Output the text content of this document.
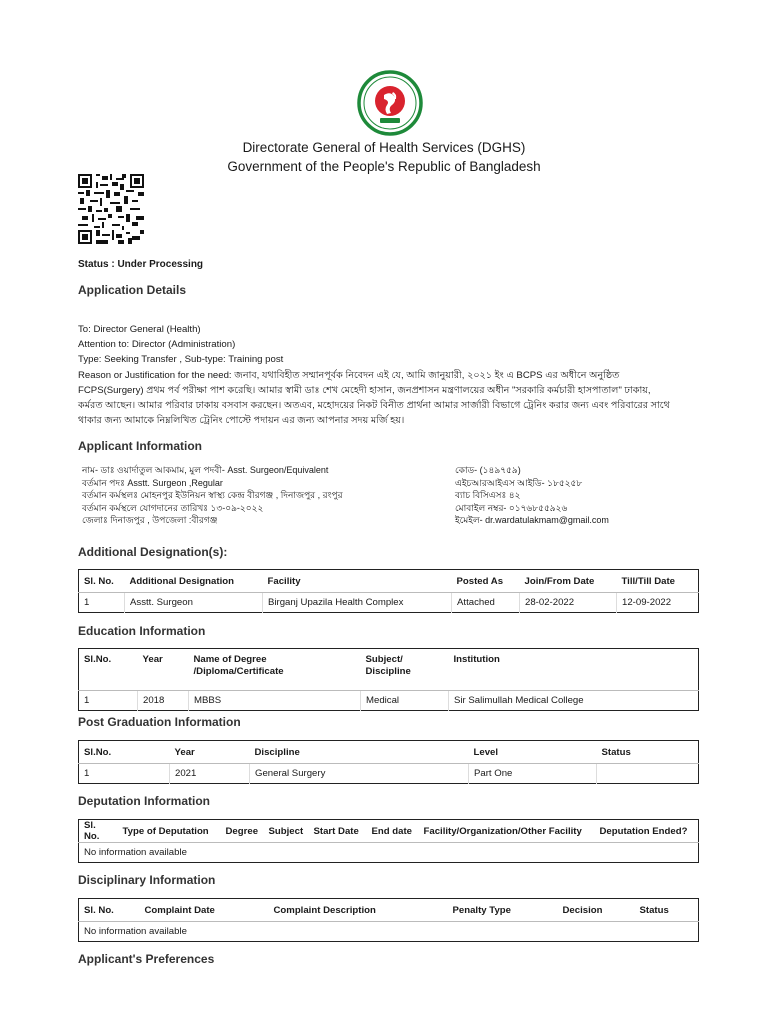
Directorate General of Health Services (DGHS)
Government of the People's Republic of Bangladesh
Status : Under Processing
Application Details
To: Director General (Health)
Attention to: Director (Administration)
Type: Seeking Transfer , Sub-type: Training post
Reason or Justification for the need: জনাব, যথাবিহীত সম্মানপূর্বক নিবেদন এই যে, আমি জানুয়ারী, ২০২১ ইং এ BCPS এর অধীনে অনুষ্ঠিত
FCPS(Surgery) প্রথম পর্ব পরীক্ষা পাশ করেছি। আমার স্বামী ডাঃ শেখ মেহেদী হাসান, জনপ্রশাসন মন্ত্রণালয়ের অধীন "সরকারি কর্মচারী হাসপাতাল" ঢাকায়,
কর্মরত আছেন। আমার পরিবার ঢাকায় বসবাস করছেন। অতএব, মহোদয়ের নিকট বিনীত প্রার্থনা আমার সার্জারী বিভাগে ট্রেনিং করার জন্য এবং পরিবারের সাথে
থাকার জন্য আমাকে নিম্নলিখিত ট্রেনিং পোস্টে পদায়ন এর জন্য আপনার সদয় মর্জি হয়।
Applicant Information
নাম- ডাঃ ওয়ার্দাতুল আকমাম, মুল পদবী- Asst. Surgeon/Equivalent
বর্তমান পদঃ Asstt. Surgeon ,Regular
বর্তমান কর্মস্থলঃ মোহনপুর ইউনিয়ন স্বাস্থ্য কেন্দ্র বীরগঞ্জ , দিনাজপুর , রংপুর
বর্তমান কর্মস্থলে যোগদানের তারিখঃ ১৩-০৯-২০২২
জেলাঃ দিনাজপুর , উপজেলা :বীরগঞ্জ
কোড- (১৪৯৭৫৯)
এইচআরআইএস আইডি- ১৮৫২৫৮
ব্যাচ বিসিএসঃ ৪২
মোবাইল নম্বর- ০১৭৬৮৫৫৯২৬
ইমেইল- dr.wardatulakmam@gmail.com
Additional Designation(s):
Sl. No.	Additional Designation	Facility	Posted As	Join/From Date	Till/Till Date
1	Asstt. Surgeon	Birganj Upazila Health Complex	Attached	28-02-2022	12-09-2022
Education Information
Sl.No.	Year	Name of Degree /Diploma/Certificate	Subject/ Discipline	Institution
1	2018	MBBS	Medical	Sir Salimullah Medical College
Post Graduation Information
Sl.No.	Year	Discipline	Level	Status
1	2021	General Surgery	Part One	
Deputation Information
Sl. No.	Type of Deputation	Degree	Subject	Start Date	End date	Facility/Organization/Other Facility	Deputation Ended?
No information available
Disciplinary Information
Sl. No.	Complaint Date	Complaint Description	Penalty Type	Decision	Status
No information available
Applicant's Preferences
